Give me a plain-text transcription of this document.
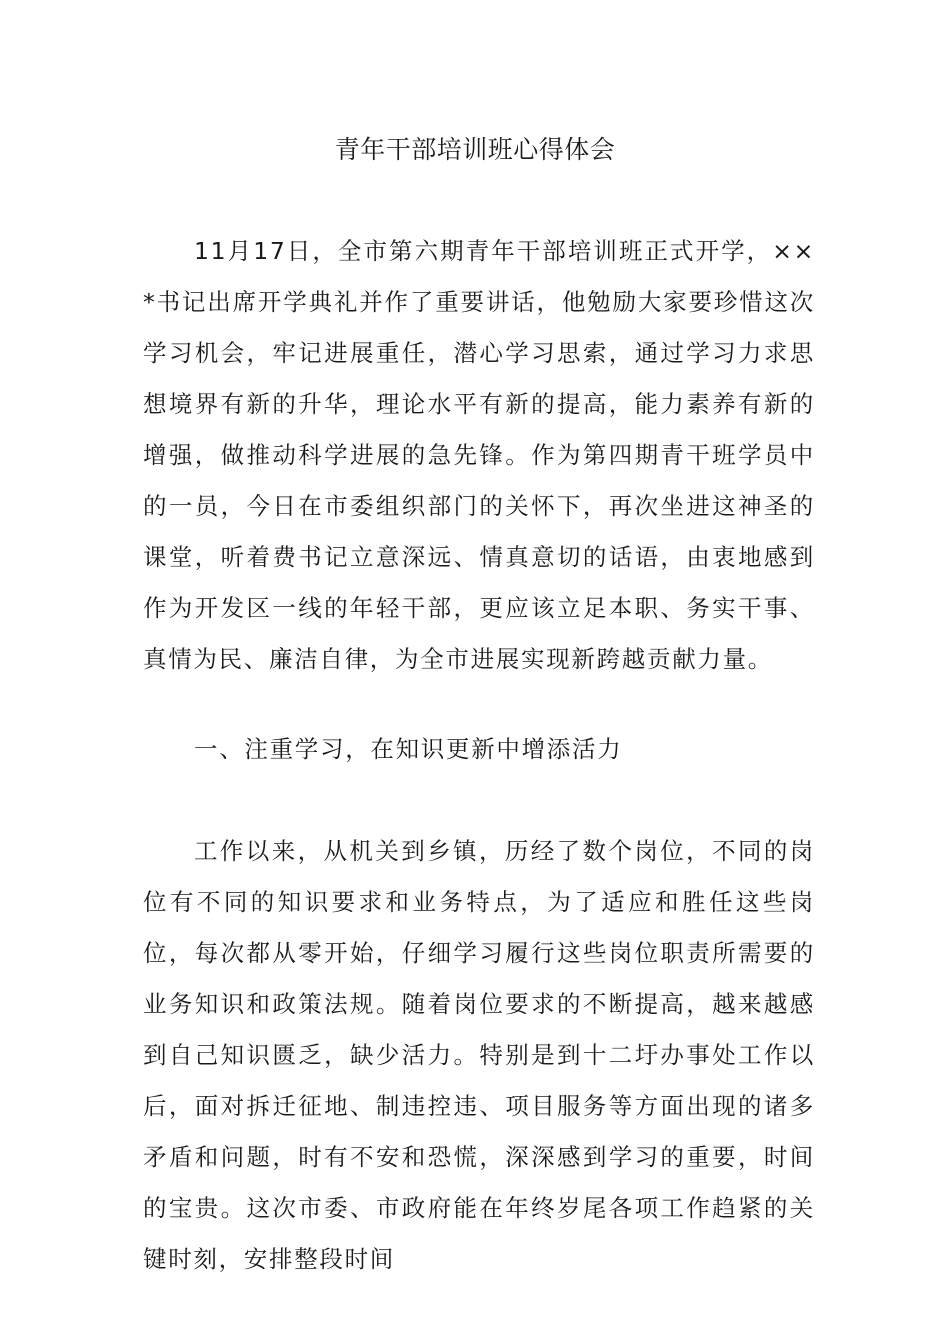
青年干部培训班心得体会

11月17日，全市第六期青年干部培训班正式开学，××*书记出席开学典礼并作了重要讲话，他勉励大家要珍惜这次学习机会，牢记进展重任，潜心学习思索，通过学习力求思想境界有新的升华，理论水平有新的提高，能力素养有新的增强，做推动科学进展的急先锋。作为第四期青干班学员中的一员，今日在市委组织部门的关怀下，再次坐进这神圣的课堂，听着费书记立意深远、情真意切的话语，由衷地感到作为开发区一线的年轻干部，更应该立足本职、务实干事、真情为民、廉洁自律，为全市进展实现新跨越贡献力量。

一、注重学习，在知识更新中增添活力

工作以来，从机关到乡镇，历经了数个岗位，不同的岗位有不同的知识要求和业务特点，为了适应和胜任这些岗位，每次都从零开始，仔细学习履行这些岗位职责所需要的业务知识和政策法规。随着岗位要求的不断提高，越来越感到自己知识匮乏，缺少活力。特别是到十二圩办事处工作以后，面对拆迁征地、制违控违、项目服务等方面出现的诸多矛盾和问题，时有不安和恐慌，深深感到学习的重要，时间的宝贵。这次市委、市政府能在年终岁尾各项工作趋紧的关键时刻，安排整段时间
